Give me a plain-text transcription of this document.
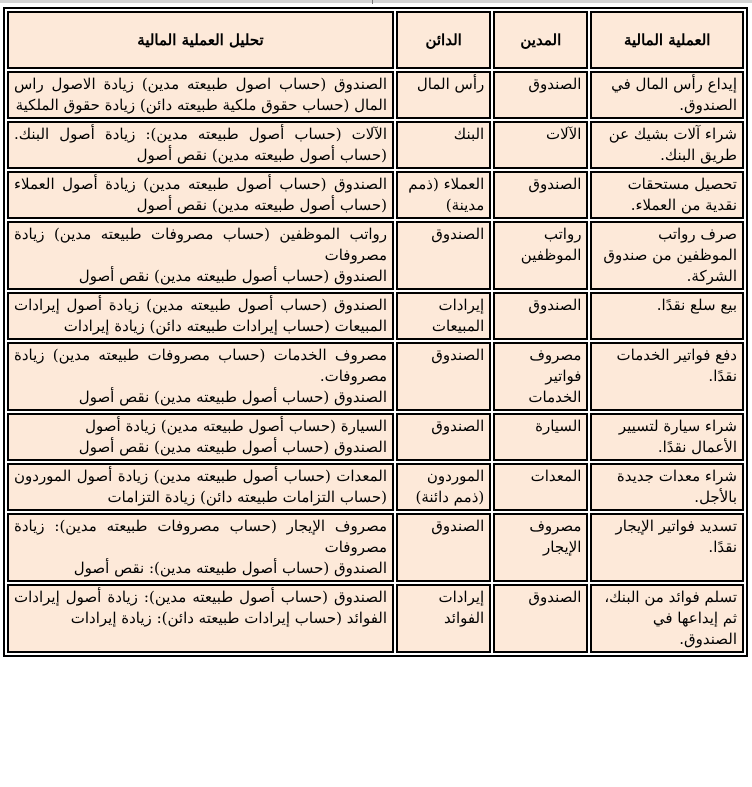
العملية المالية	المدين	الدائن	تحليل العملية المالية
إيداع رأس المال في الصندوق.	الصندوق	رأس المال	الصندوق (حساب اصول طبيعته مدين) زيادة الاصول راس المال (حساب حقوق ملكية طبيعته دائن) زيادة حقوق الملكية

شراء آلات بشيك عن طريق البنك.	الآلات	البنك	الآلات (حساب أصول طبيعته مدين): زيادة أصول البنك. (حساب أصول طبيعته مدين) نقص أصول

تحصيل مستحقات نقدية من العملاء.	الصندوق	العملاء (ذمم مدينة)	الصندوق (حساب أصول طبيعته مدين) زيادة أصول العملاء (حساب أصول طبيعته مدين) نقص أصول

صرف رواتب الموظفين من صندوق الشركة.	رواتب الموظفين	الصندوق	رواتب الموظفين (حساب مصروفات طبيعته مدين) زيادة مصروفات
الصندوق (حساب أصول طبيعته مدين) نقص أصول

بيع سلع نقدًا.	الصندوق	إيرادات المبيعات	الصندوق (حساب أصول طبيعته مدين) زيادة أصول إيرادات المبيعات (حساب إيرادات طبيعته دائن) زيادة إيرادات

دفع فواتير الخدمات نقدًا.	مصروف فواتير الخدمات	الصندوق	مصروف الخدمات (حساب مصروفات طبيعته مدين) زيادة مصروفات.
الصندوق (حساب أصول طبيعته مدين) نقص أصول

شراء سيارة لتسيير الأعمال نقدًا.	السيارة	الصندوق	السيارة (حساب أصول طبيعته مدين) زيادة أصول
الصندوق (حساب أصول طبيعته مدين) نقص أصول

شراء معدات جديدة بالأجل.	المعدات	الموردون (ذمم دائنة)	المعدات (حساب أصول طبيعته مدين) زيادة أصول الموردون (حساب التزامات طبيعته دائن) زيادة التزامات

تسديد فواتير الإيجار نقدًا.	مصروف الإيجار	الصندوق	مصروف الإيجار (حساب مصروفات طبيعته مدين): زيادة مصروفات
الصندوق (حساب أصول طبيعته مدين): نقص أصول

تسلم فوائد من البنك، ثم إيداعها في الصندوق.	الصندوق	إيرادات الفوائد	الصندوق (حساب أصول طبيعته مدين): زيادة أصول إيرادات الفوائد (حساب إيرادات طبيعته دائن): زيادة إيرادات
